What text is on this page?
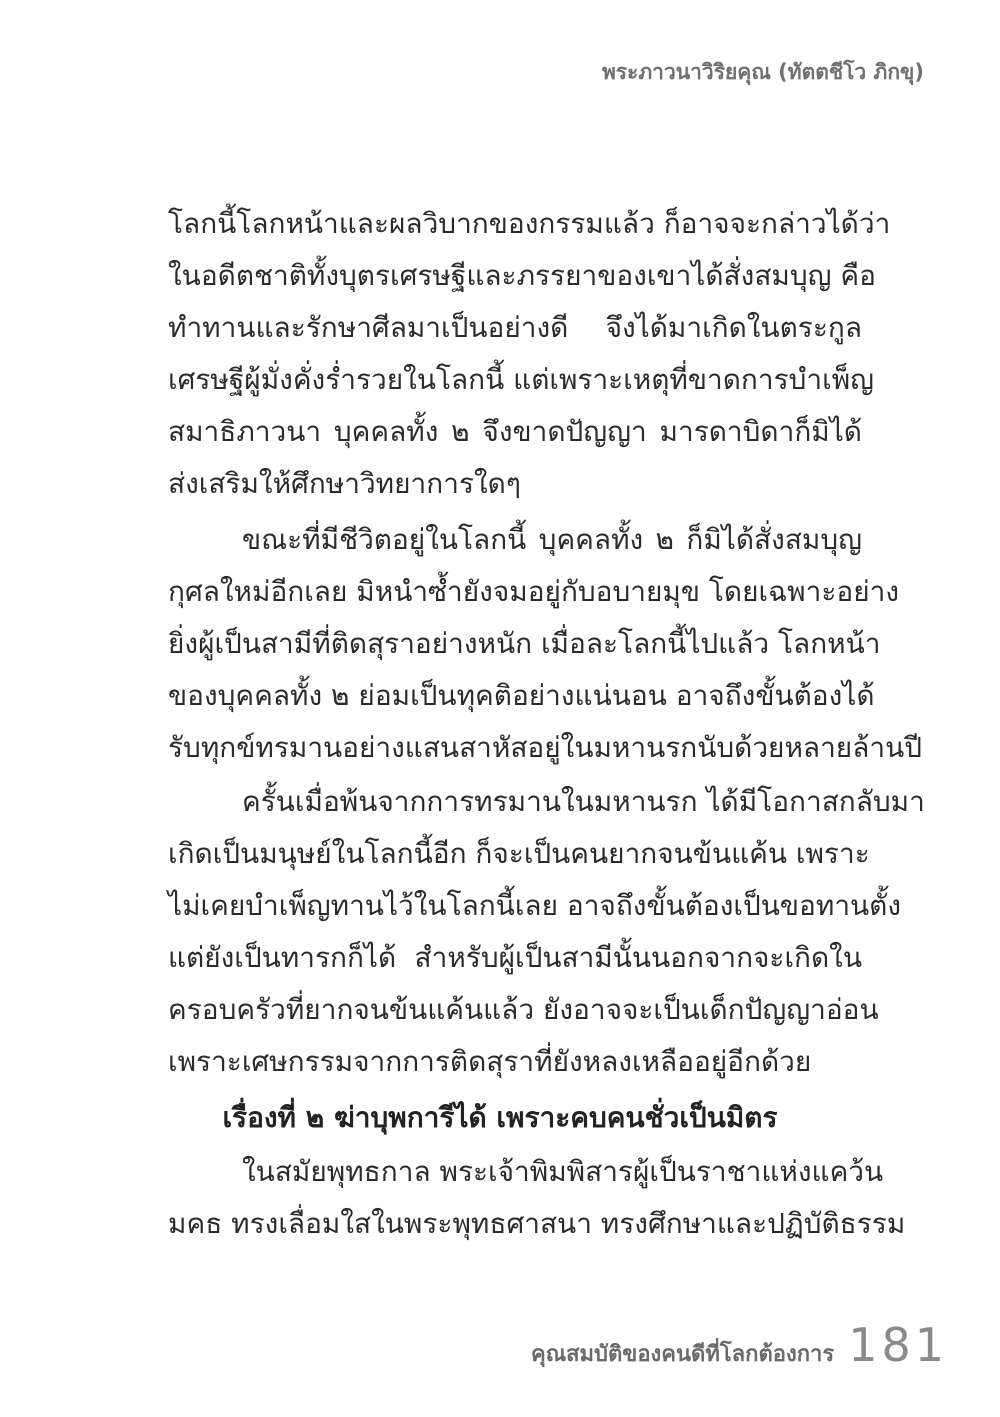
พระภาวนาวิริยคุณ (ทัตตชีโว ภิกขุ)
โลกนี้โลกหน้าและผลวิบากของกรรมแล้ว ก็อาจจะกล่าวได้ว่า
ในอดีตชาติทั้งบุตรเศรษฐีและภรรยาของเขาได้สั่งสมบุญ คือ
ทำทานและรักษาศีลมาเป็นอย่างดี จึงได้มาเกิดในตระกูล
เศรษฐีผู้มั่งคั่งร่ำรวยในโลกนี้ แต่เพราะเหตุที่ขาดการบำเพ็ญ
สมาธิภาวนา บุคคลทั้ง ๒ จึงขาดปัญญา มารดาบิดาก็มิได้
ส่งเสริมให้ศึกษาวิทยาการใดๆ
ขณะที่มีชีวิตอยู่ในโลกนี้ บุคคลทั้ง ๒ ก็มิได้สั่งสมบุญ
กุศลใหม่อีกเลย มิหนำซ้ำยังจมอยู่กับอบายมุข โดยเฉพาะอย่าง
ยิ่งผู้เป็นสามีที่ติดสุราอย่างหนัก เมื่อละโลกนี้ไปแล้ว โลกหน้า
ของบุคคลทั้ง ๒ ย่อมเป็นทุคติอย่างแน่นอน อาจถึงขั้นต้องได้
รับทุกข์ทรมานอย่างแสนสาหัสอยู่ในมหานรกนับด้วยหลายล้านปี
ครั้นเมื่อพ้นจากการทรมานในมหานรก ได้มีโอกาสกลับมา
เกิดเป็นมนุษย์ในโลกนี้อีก ก็จะเป็นคนยากจนข้นแค้น เพราะ
ไม่เคยบำเพ็ญทานไว้ในโลกนี้เลย อาจถึงขั้นต้องเป็นขอทานตั้ง
แต่ยังเป็นทารกก็ได้ สำหรับผู้เป็นสามีนั้นนอกจากจะเกิดใน
ครอบครัวที่ยากจนข้นแค้นแล้ว ยังอาจจะเป็นเด็กปัญญาอ่อน
เพราะเศษกรรมจากการติดสุราที่ยังหลงเหลืออยู่อีกด้วย
เรื่องที่ ๒ ฆ่าบุพการีได้ เพราะคบคนชั่วเป็นมิตร
ในสมัยพุทธกาล พระเจ้าพิมพิสารผู้เป็นราชาแห่งแคว้น
มคธ ทรงเลื่อมใสในพระพุทธศาสนา ทรงศึกษาและปฏิบัติธรรม
คุณสมบัติของคนดีที่โลกต้องการ 181
